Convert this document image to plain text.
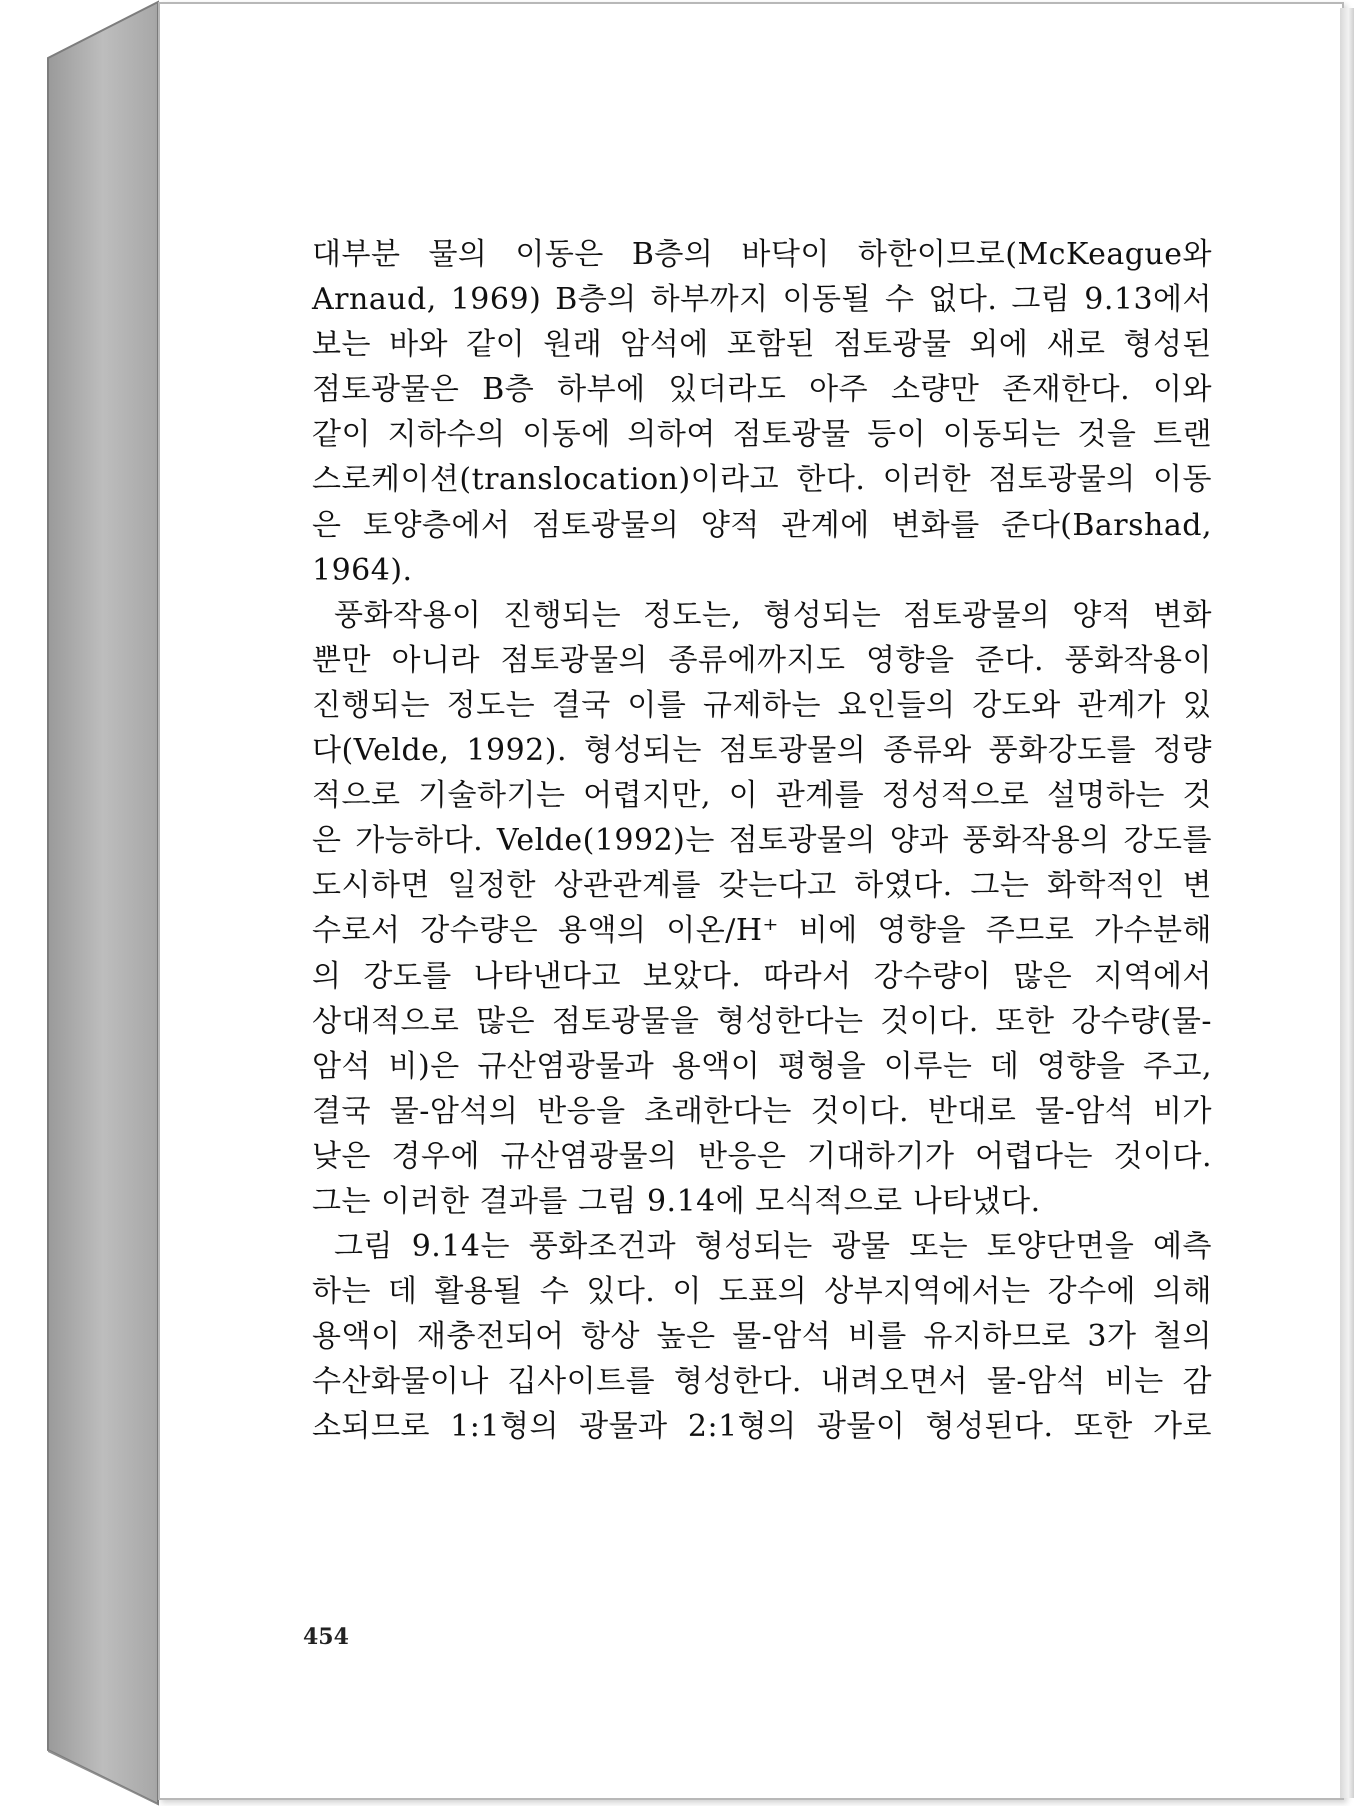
대부분 물의 이동은 B층의 바닥이 하한이므로(McKeague와
Arnaud, 1969) B층의 하부까지 이동될 수 없다. 그림 9.13에서
보는 바와 같이 원래 암석에 포함된 점토광물 외에 새로 형성된
점토광물은 B층 하부에 있더라도 아주 소량만 존재한다. 이와
같이 지하수의 이동에 의하여 점토광물 등이 이동되는 것을 트랜
스로케이션(translocation)이라고 한다. 이러한 점토광물의 이동
은 토양층에서 점토광물의 양적 관계에 변화를 준다(Barshad,
1964).
풍화작용이 진행되는 정도는, 형성되는 점토광물의 양적 변화
뿐만 아니라 점토광물의 종류에까지도 영향을 준다. 풍화작용이
진행되는 정도는 결국 이를 규제하는 요인들의 강도와 관계가 있
다(Velde, 1992). 형성되는 점토광물의 종류와 풍화강도를 정량
적으로 기술하기는 어렵지만, 이 관계를 정성적으로 설명하는 것
은 가능하다. Velde(1992)는 점토광물의 양과 풍화작용의 강도를
도시하면 일정한 상관관계를 갖는다고 하였다. 그는 화학적인 변
수로서 강수량은 용액의 이온/H⁺ 비에 영향을 주므로 가수분해
의 강도를 나타낸다고 보았다. 따라서 강수량이 많은 지역에서
상대적으로 많은 점토광물을 형성한다는 것이다. 또한 강수량(물-
암석 비)은 규산염광물과 용액이 평형을 이루는 데 영향을 주고,
결국 물-암석의 반응을 초래한다는 것이다. 반대로 물-암석 비가
낮은 경우에 규산염광물의 반응은 기대하기가 어렵다는 것이다.
그는 이러한 결과를 그림 9.14에 모식적으로 나타냈다.
그림 9.14는 풍화조건과 형성되는 광물 또는 토양단면을 예측
하는 데 활용될 수 있다. 이 도표의 상부지역에서는 강수에 의해
용액이 재충전되어 항상 높은 물-암석 비를 유지하므로 3가 철의
수산화물이나 깁사이트를 형성한다. 내려오면서 물-암석 비는 감
소되므로 1:1형의 광물과 2:1형의 광물이 형성된다. 또한 가로
454
